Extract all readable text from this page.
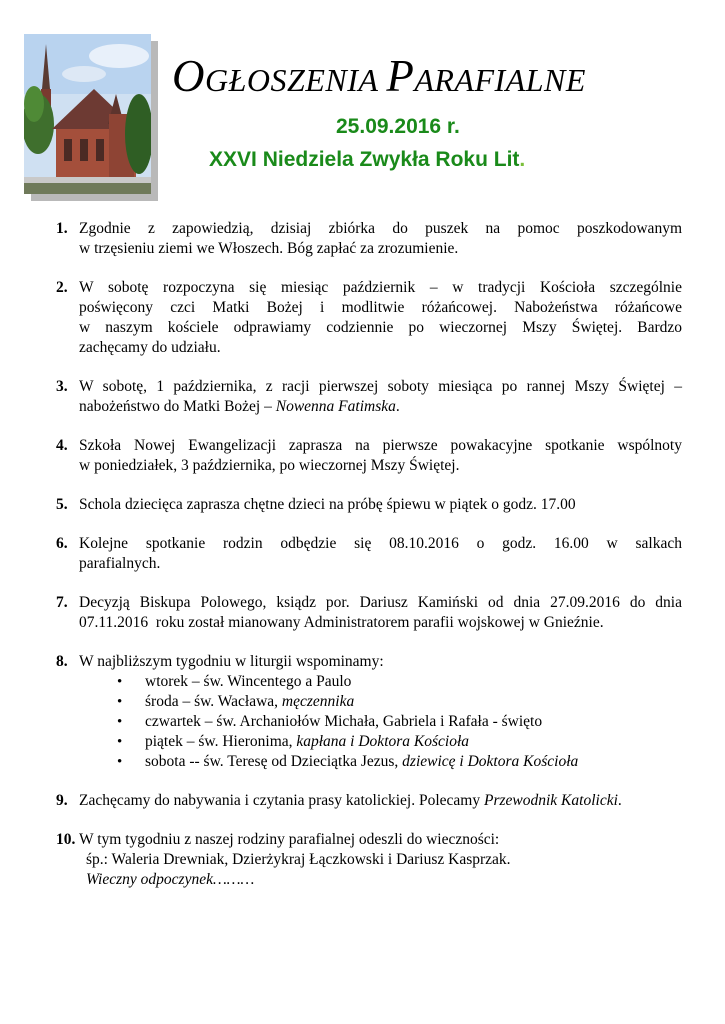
OGŁOSZENIA PARAFIALNE
25.09.2016 r.
XXVI Niedziela Zwykła Roku Lit.
1. Zgodnie z zapowiedzią, dzisiaj zbiórka do puszek na pomoc poszkodowanym
w trzęsieniu ziemi we Włoszech. Bóg zapłać za zrozumienie.
2. W sobotę rozpoczyna się miesiąc październik – w tradycji Kościoła szczególnie
poświęcony czci Matki Bożej i modlitwie różańcowej. Nabożeństwa różańcowe
w naszym kościele odprawiamy codziennie po wieczornej Mszy Świętej. Bardzo
zachęcamy do udziału.
3. W sobotę, 1 października, z racji pierwszej soboty miesiąca po rannej Mszy Świętej –
nabożeństwo do Matki Bożej – Nowenna Fatimska.
4. Szkoła Nowej Ewangelizacji zaprasza na pierwsze powakacyjne spotkanie wspólnoty
w poniedziałek, 3 października, po wieczornej Mszy Świętej.
5. Schola dziecięca zaprasza chętne dzieci na próbę śpiewu w piątek o godz. 17.00
6. Kolejne spotkanie rodzin odbędzie się 08.10.2016 o godz. 16.00 w salkach
parafialnych.
7. Decyzją Biskupa Polowego, ksiądz por. Dariusz Kamiński od dnia 27.09.2016 do dnia
07.11.2016  roku został mianowany Administratorem parafii wojskowej w Gnieźnie.
8. W najbliższym tygodniu w liturgii wspominamy:
• wtorek – św. Wincentego a Paulo
• środa – św. Wacława, męczennika
• czwartek – św. Archaniołów Michała, Gabriela i Rafała - święto
• piątek – św. Hieronima, kapłana i Doktora Kościoła
• sobota -- św. Teresę od Dzieciątka Jezus, dziewicę i Doktora Kościoła
9. Zachęcamy do nabywania i czytania prasy katolickiej. Polecamy Przewodnik Katolicki.
10. W tym tygodniu z naszej rodziny parafialnej odeszli do wieczności:
śp.: Waleria Drewniak, Dzierżykraj Łączkowski i Dariusz Kasprzak.
Wieczny odpoczynek………
